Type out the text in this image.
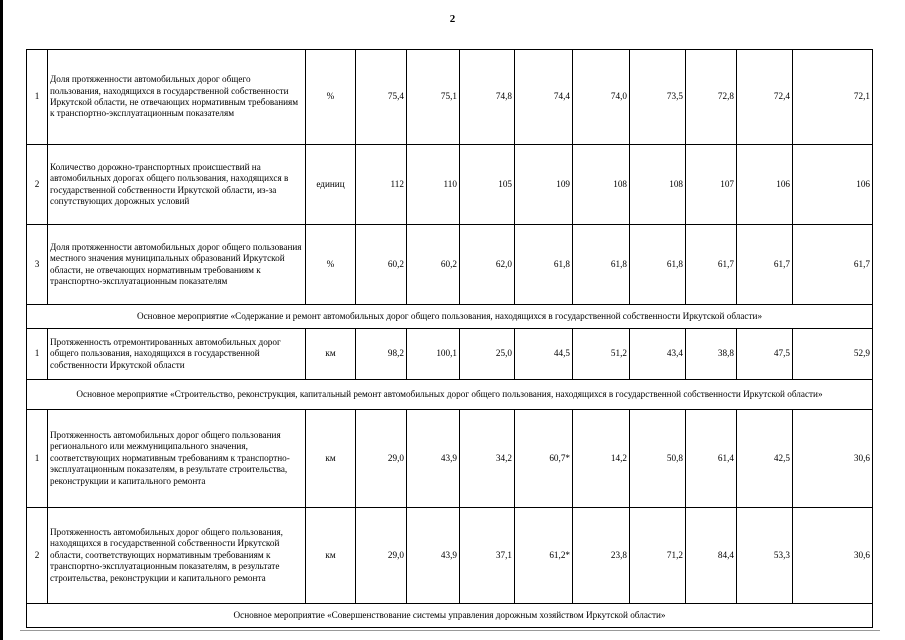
2
1	Доля протяженности автомобильных дорог общего пользования, находящихся в государственной собственности Иркутской области, не отвечающих нормативным требованиям к транспортно-эксплуатационным показателям	%	75,4	75,1	74,8	74,4	74,0	73,5	72,8	72,4	72,1
2	Количество дорожно-транспортных происшествий на автомобильных дорогах общего пользования, находящихся в государственной собственности Иркутской области, из-за сопутствующих дорожных условий	единиц	112	110	105	109	108	108	107	106	106
3	Доля протяженности автомобильных дорог общего пользования местного значения муниципальных образований Иркутской области, не отвечающих нормативным требованиям к транспортно-эксплуатационным показателям	%	60,2	60,2	62,0	61,8	61,8	61,8	61,7	61,7	61,7
Основное мероприятие «Содержание и ремонт автомобильных дорог общего пользования, находящихся в государственной собственности Иркутской области»											
1	Протяженность отремонтированных автомобильных дорог общего пользования, находящихся в государственной собственности Иркутской области	км	98,2	100,1	25,0	44,5	51,2	43,4	38,8	47,5	52,9
Основное мероприятие «Строительство, реконструкция, капитальный ремонт автомобильных дорог общего пользования, находящихся в государственной собственности Иркутской области»											
1	Протяженность автомобильных дорог общего пользования регионального или межмуниципального значения, соответствующих нормативным требованиям к транспортно-эксплуатационным показателям, в результате строительства, реконструкции и капитального ремонта	км	29,0	43,9	34,2	60,7*	14,2	50,8	61,4	42,5	30,6
2	Протяженность автомобильных дорог общего пользования, находящихся в государственной собственности Иркутской области, соответствующих нормативным требованиям к транспортно-эксплуатационным показателям, в результате строительства, реконструкции и капитального ремонта	км	29,0	43,9	37,1	61,2*	23,8	71,2	84,4	53,3	30,6
Основное мероприятие «Совершенствование системы управления дорожным хозяйством Иркутской области»											
